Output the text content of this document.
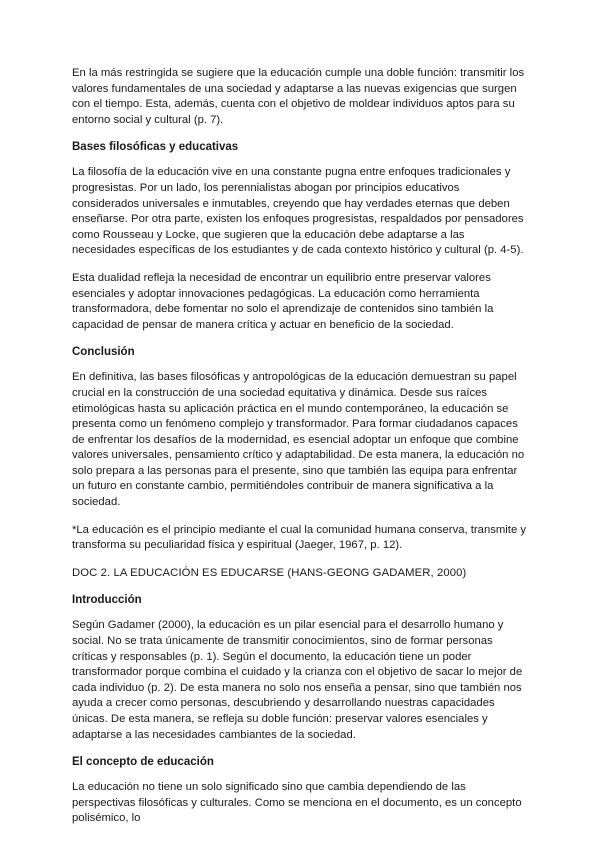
En la más restringida se sugiere que la educación cumple una doble función: transmitir los valores fundamentales de una sociedad y adaptarse a las nuevas exigencias que surgen con el tiempo. Esta, además, cuenta con el objetivo de moldear individuos aptos para su entorno social y cultural (p. 7).

Bases filosóficas y educativas

La filosofía de la educación vive en una constante pugna entre enfoques tradicionales y progresistas. Por un lado, los perennialistas abogan por principios educativos considerados universales e inmutables, creyendo que hay verdades eternas que deben enseñarse. Por otra parte, existen los enfoques progresistas, respaldados por pensadores como Rousseau y Locke, que sugieren que la educación debe adaptarse a las necesidades específicas de los estudiantes y de cada contexto histórico y cultural (p. 4-5).

Esta dualidad refleja la necesidad de encontrar un equilibrio entre preservar valores esenciales y adoptar innovaciones pedagógicas. La educación como herramienta transformadora, debe fomentar no solo el aprendizaje de contenidos sino también la capacidad de pensar de manera crítica y actuar en beneficio de la sociedad.

Conclusión

En definitiva, las bases filosóficas y antropológicas de la educación demuestran su papel crucial en la construcción de una sociedad equitativa y dinámica. Desde sus raíces etimológicas hasta su aplicación práctica en el mundo contemporáneo, la educación se presenta como un fenómeno complejo y transformador. Para formar ciudadanos capaces de enfrentar los desafíos de la modernidad, es esencial adoptar un enfoque que combine valores universales, pensamiento crítico y adaptabilidad. De esta manera, la educación no solo prepara a las personas para el presente, sino que también las equipa para enfrentar un futuro en constante cambio, permitiéndoles contribuir de manera significativa a la sociedad.

*La educación es el principio mediante el cual la comunidad humana conserva, transmite y transforma su peculiaridad física y espiritual (Jaeger, 1967, p. 12).

DOC 2. LA EDUCACIÓN ES EDUCARSE (HANS-GEONG GADAMER, 2000)
Introducción

Según Gadamer (2000), la educación es un pilar esencial para el desarrollo humano y social. No se trata únicamente de transmitir conocimientos, sino de formar personas críticas y responsables (p. 1). Según el documento, la educación tiene un poder transformador porque combina el cuidado y la crianza con el objetivo de sacar lo mejor de cada individuo (p. 2). De esta manera no solo nos enseña a pensar, sino que también nos ayuda a crecer como personas, descubriendo y desarrollando nuestras capacidades únicas. De esta manera, se refleja su doble función: preservar valores esenciales y adaptarse a las necesidades cambiantes de la sociedad.

El concepto de educación

La educación no tiene un solo significado sino que cambia dependiendo de las perspectivas filosóficas y culturales. Como se menciona en el documento, es un concepto polisémico, lo
